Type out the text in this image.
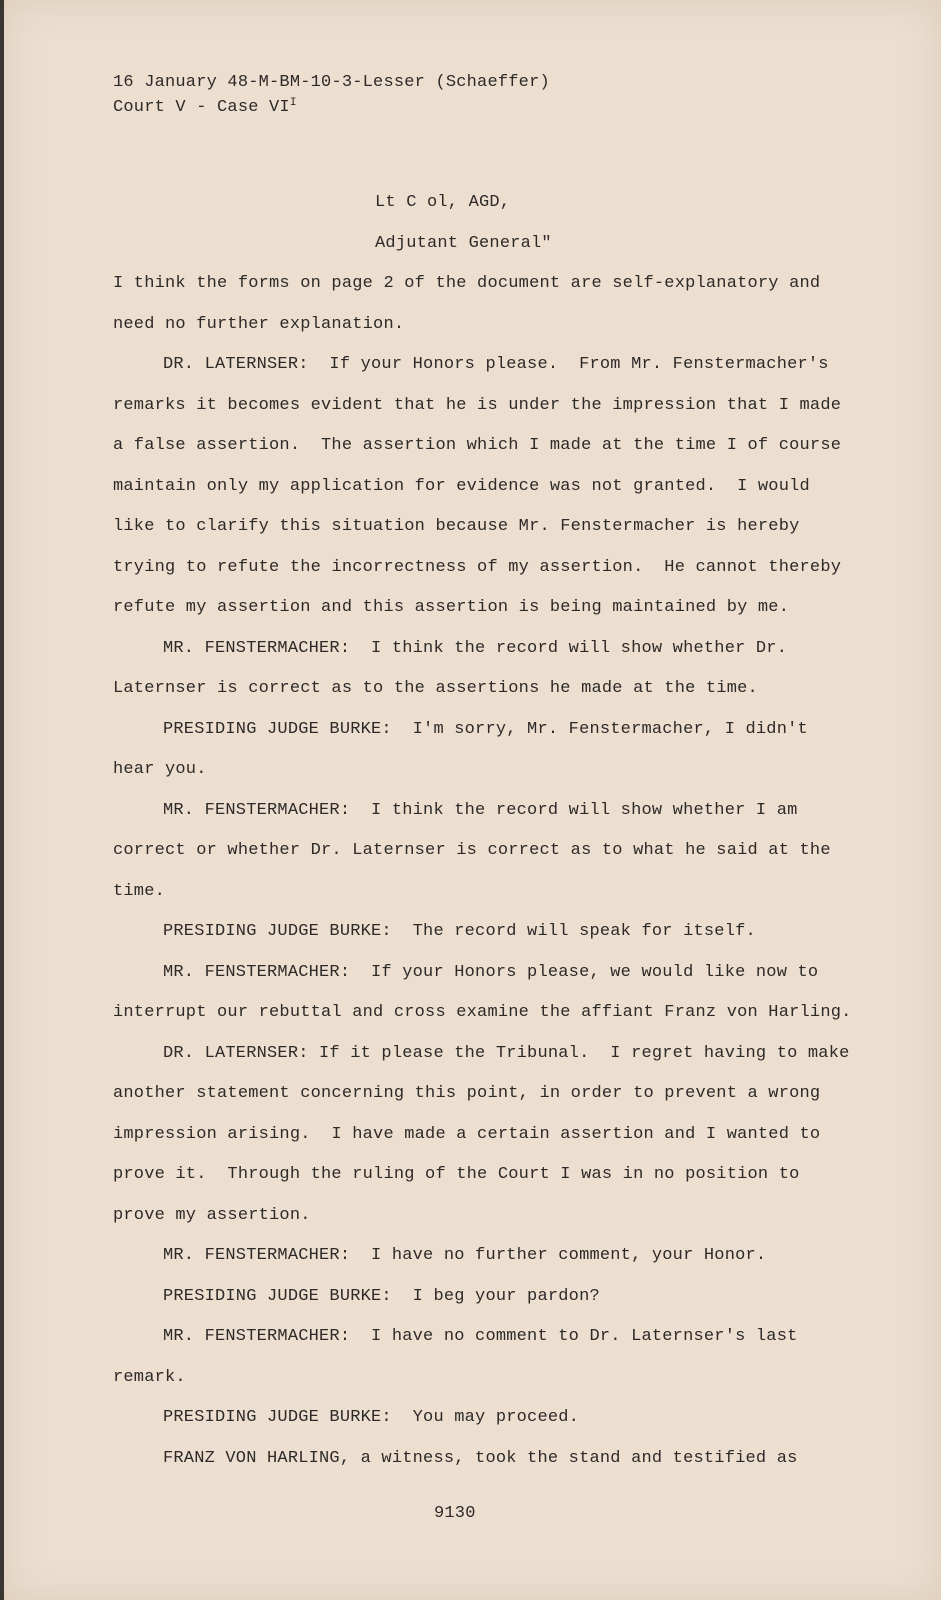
16 January 48-M-BM-10-3-Lesser (Schaeffer)
Court V - Case $VI^I$
Lt C ol, AGD,
Adjutant General"
I think the forms on page 2 of the document are self-explanatory and
need no further explanation.
DR. LATERNSER:  If your Honors please.  From Mr. Fenstermacher's
remarks it becomes evident that he is under the impression that I made
a false assertion.  The assertion which I made at the time I of course
maintain only my application for evidence was not granted.  I would
like to clarify this situation because Mr. Fenstermacher is hereby
trying to refute the incorrectness of my assertion.  He cannot thereby
refute my assertion and this assertion is being maintained by me.
MR. FENSTERMACHER:  I think the record will show whether Dr.
Laternser is correct as to the assertions he made at the time.
PRESIDING JUDGE BURKE:  I'm sorry, Mr. Fenstermacher, I didn't
hear you.
MR. FENSTERMACHER:  I think the record will show whether I am
correct or whether Dr. Laternser is correct as to what he said at the
time.
PRESIDING JUDGE BURKE:  The record will speak for itself.
MR. FENSTERMACHER:  If your Honors please, we would like now to
interrupt our rebuttal and cross examine the affiant Franz von Harling.
DR. LATERNSER: If it please the Tribunal.  I regret having to make
another statement concerning this point, in order to prevent a wrong
impression arising.  I have made a certain assertion and I wanted to
prove it.  Through the ruling of the Court I was in no position to
prove my assertion.
MR. FENSTERMACHER:  I have no further comment, your Honor.
PRESIDING JUDGE BURKE:  I beg your pardon?
MR. FENSTERMACHER:  I have no comment to Dr. Laternser's last
remark.
PRESIDING JUDGE BURKE:  You may proceed.
FRANZ VON HARLING, a witness, took the stand and testified as
9130
